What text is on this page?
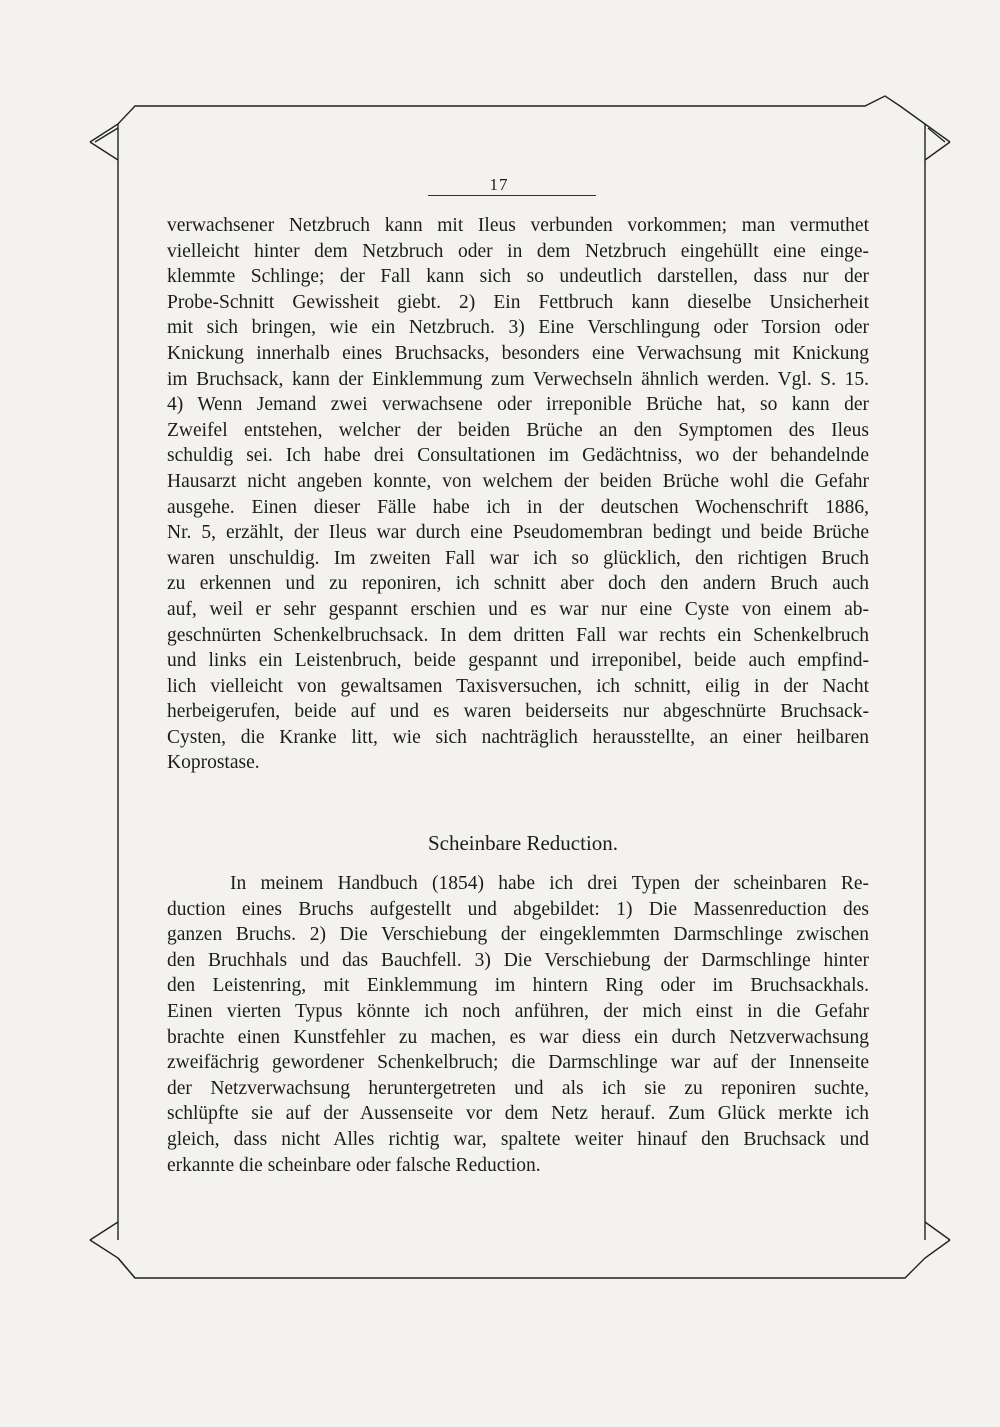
17

verwachsener Netzbruch kann mit Ileus verbunden vorkommen; man vermuthet

vielleicht hinter dem Netzbruch oder in dem Netzbruch eingehüllt eine einge-

klemmte Schlinge; der Fall kann sich so undeutlich darstellen, dass nur der

Probe-Schnitt Gewissheit giebt. 2) Ein Fettbruch kann dieselbe Unsicherheit

mit sich bringen, wie ein Netzbruch. 3) Eine Verschlingung oder Torsion oder

Knickung innerhalb eines Bruchsacks, besonders eine Verwachsung mit Knickung

im Bruchsack, kann der Einklemmung zum Verwechseln ähnlich werden. Vgl. S. 15.

4) Wenn Jemand zwei verwachsene oder irreponible Brüche hat, so kann der

Zweifel entstehen, welcher der beiden Brüche an den Symptomen des Ileus

schuldig sei. Ich habe drei Consultationen im Gedächtniss, wo der behandelnde

Hausarzt nicht angeben konnte, von welchem der beiden Brüche wohl die Gefahr

ausgehe. Einen dieser Fälle habe ich in der deutschen Wochenschrift 1886,

Nr. 5, erzählt, der Ileus war durch eine Pseudomembran bedingt und beide Brüche

waren unschuldig. Im zweiten Fall war ich so glücklich, den richtigen Bruch

zu erkennen und zu reponiren, ich schnitt aber doch den andern Bruch auch

auf, weil er sehr gespannt erschien und es war nur eine Cyste von einem ab-

geschnürten Schenkelbruchsack. In dem dritten Fall war rechts ein Schenkelbruch

und links ein Leistenbruch, beide gespannt und irreponibel, beide auch empfind-

lich vielleicht von gewaltsamen Taxisversuchen, ich schnitt, eilig in der Nacht

herbeigerufen, beide auf und es waren beiderseits nur abgeschnürte Bruchsack-

Cysten, die Kranke litt, wie sich nachträglich herausstellte, an einer heilbaren

Koprostase.

Scheinbare Reduction.

In meinem Handbuch (1854) habe ich drei Typen der scheinbaren Re-

duction eines Bruchs aufgestellt und abgebildet: 1) Die Massenreduction des

ganzen Bruchs. 2) Die Verschiebung der eingeklemmten Darmschlinge zwischen

den Bruchhals und das Bauchfell. 3) Die Verschiebung der Darmschlinge hinter

den Leistenring, mit Einklemmung im hintern Ring oder im Bruchsackhals.

Einen vierten Typus könnte ich noch anführen, der mich einst in die Gefahr

brachte einen Kunstfehler zu machen, es war diess ein durch Netzverwachsung

zweifächrig gewordener Schenkelbruch; die Darmschlinge war auf der Innenseite

der Netzverwachsung heruntergetreten und als ich sie zu reponiren suchte,

schlüpfte sie auf der Aussenseite vor dem Netz herauf. Zum Glück merkte ich

gleich, dass nicht Alles richtig war, spaltete weiter hinauf den Bruchsack und

erkannte die scheinbare oder falsche Reduction.
